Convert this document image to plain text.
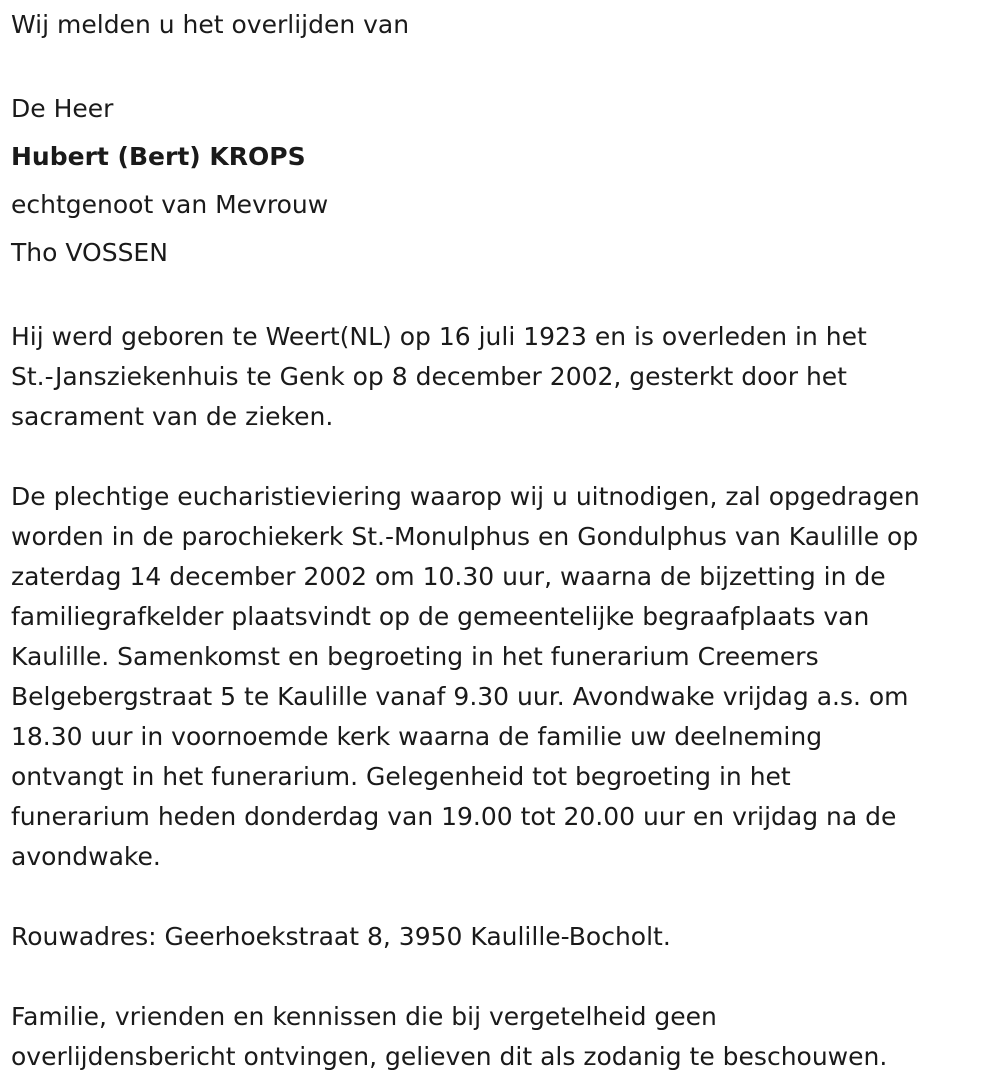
Wij melden u het overlijden van

De Heer

Hubert (Bert) KROPS

echtgenoot van Mevrouw

Tho VOSSEN

Hij werd geboren te Weert(NL) op 16 juli 1923 en is overleden in het

St.-Jansziekenhuis te Genk op 8 december 2002, gesterkt door het

sacrament van de zieken.

De plechtige eucharistieviering waarop wij u uitnodigen, zal opgedragen

worden in de parochiekerk St.-Monulphus en Gondulphus van Kaulille op

zaterdag 14 december 2002 om 10.30 uur, waarna de bijzetting in de

familiegrafkelder plaatsvindt op de gemeentelijke begraafplaats van

Kaulille. Samenkomst en begroeting in het funerarium Creemers

Belgebergstraat 5 te Kaulille vanaf 9.30 uur. Avondwake vrijdag a.s. om

18.30 uur in voornoemde kerk waarna de familie uw deelneming

ontvangt in het funerarium. Gelegenheid tot begroeting in het

funerarium heden donderdag van 19.00 tot 20.00 uur en vrijdag na de

avondwake.

Rouwadres: Geerhoekstraat 8, 3950 Kaulille-Bocholt.

Familie, vrienden en kennissen die bij vergetelheid geen

overlijdensbericht ontvingen, gelieven dit als zodanig te beschouwen.
